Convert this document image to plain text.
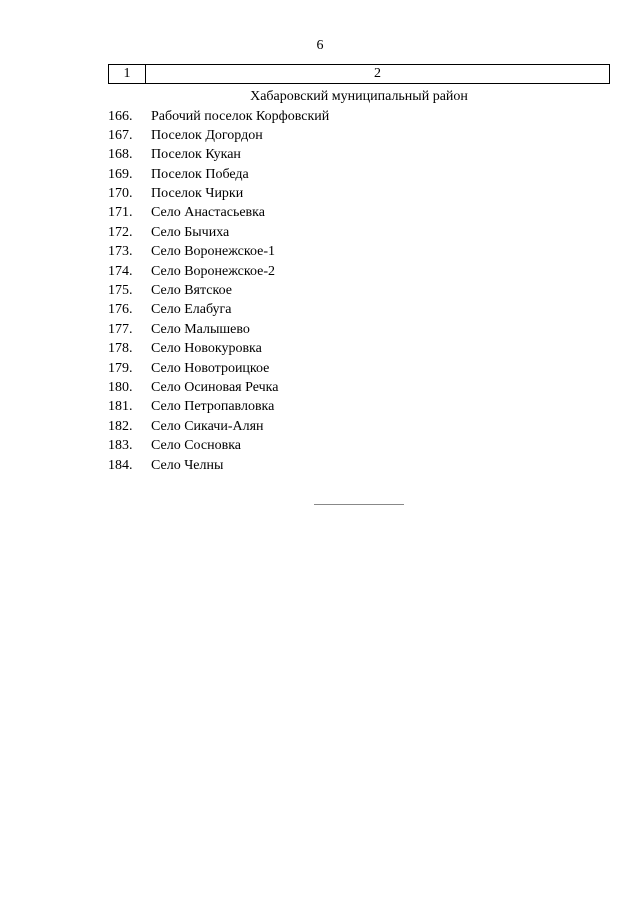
6
1	2
Хабаровский муниципальный район
166. Рабочий поселок Корфовский
167. Поселок Догордон
168. Поселок Кукан
169. Поселок Победа
170. Поселок Чирки
171. Село Анастасьевка
172. Село Бычиха
173. Село Воронежское-1
174. Село Воронежское-2
175. Село Вятское
176. Село Елабуга
177. Село Малышево
178. Село Новокуровка
179. Село Новотроицкое
180. Село Осиновая Речка
181. Село Петропавловка
182. Село Сикачи-Алян
183. Село Сосновка
184. Село Челны
